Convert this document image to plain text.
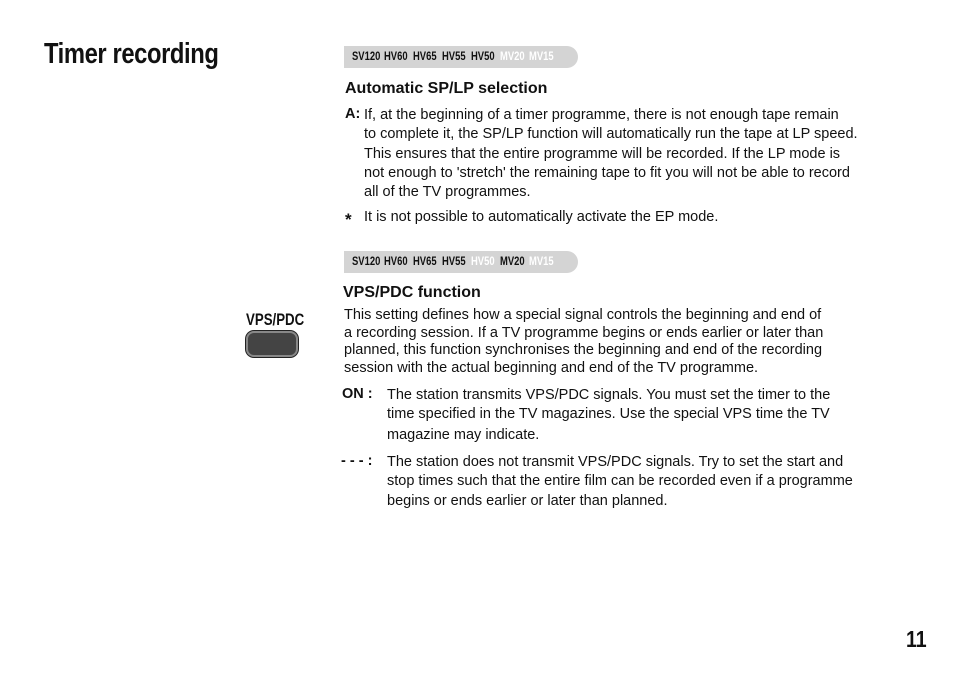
Timer recording	SV120 HV60 HV65 HV55 HV50 MV20 MV15
Automatic SP/LP selection
A: If, at the beginning of a timer programme, there is not enough tape remain
to complete it, the SP/LP function will automatically run the tape at LP speed.
This ensures that the entire programme will be recorded. If the LP mode is
not enough to 'stretch' the remaining tape to fit you will not be able to record
all of the TV programmes.
* It is not possible to automatically activate the EP mode.
SV120 HV60 HV65 HV55 HV50 MV20 MV15
VPS/PDC function
VPS/PDC	This setting defines how a special signal controls the beginning and end of
a recording session. If a TV programme begins or ends earlier or later than
planned, this function synchronises the beginning and end of the recording
session with the actual beginning and end of the TV programme.
ON : The station transmits VPS/PDC signals. You must set the timer to the
time specified in the TV magazines. Use the special VPS time the TV
magazine may indicate.
- - - : The station does not transmit VPS/PDC signals. Try to set the start and
stop times such that the entire film can be recorded even if a programme
begins or ends earlier or later than planned.
11
